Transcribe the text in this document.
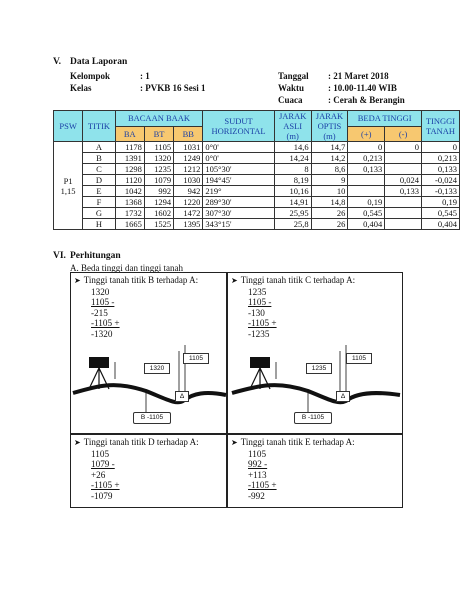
V. Data Laporan
Kelompok	: 1
Kelas	: PVKB 16 Sesi 1
Tanggal : 21 Maret 2018
Waktu	: 10.00-11.40 WIB
Cuaca	: Cerah & Berangin
PSW	TITIK	BACAAN BAAK			SUDUT HORIZONTAL	JARAK ASLI (m)	JARAK OPTIS (m)	BEDA TINGGI		TINGGI TANAH
		BA	BT	BB				(+)	(-)	
P1 1,15	A	1178	1105	1031	0°0'	14,6	14,7	0	0	0
	B	1391	1320	1249	0°0'	14,24	14,2	0,213		0,213
	C	1298	1235	1212	105°30'	8	8,6	0,133		0,133
	D	1120	1079	1030	194°45'	8,19	9		0,024	-0,024
	E	1042	992	942	219°	10,16	10		0,133	-0,133
	F	1368	1294	1220	289°30'	14,91	14,8	0,19		0,19
	G	1732	1602	1472	307°30'	25,95	26	0,545		0,545
	H	1665	1525	1395	343°15'	25,8	26	0,404		0,404
VI. Perhitungan
A. Beda tinggi dan tinggi tanah
➤ Tinggi tanah titik B terhadap A:
1320
1105 -
-215
-1105 +
-1320
1320
1105
Δ
B -1105
➤ Tinggi tanah titik C terhadap A:
1235
1105 -
-130
-1105 +
-1235
1235
1105
Δ
B -1105
➤ Tinggi tanah titik D terhadap A:
1105
1079 -
+26
-1105 +
-1079
➤ Tinggi tanah titik E terhadap A:
1105
992 -
+113
-1105 +
-992
